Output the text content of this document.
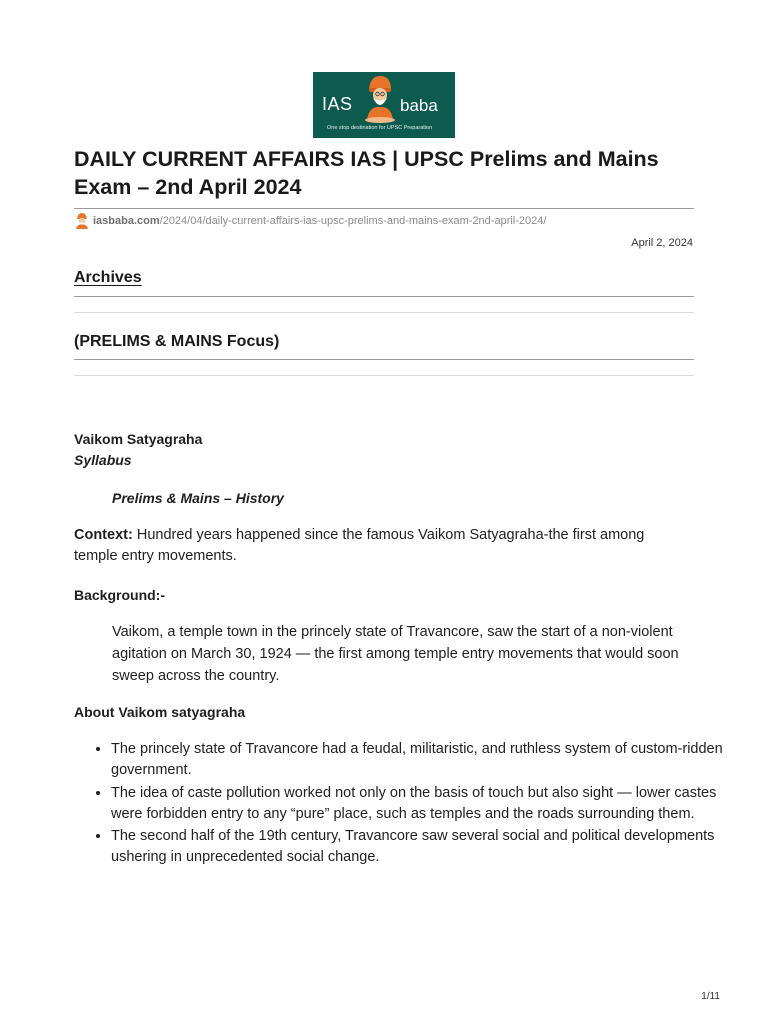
IAS	baba
One stop destination for UPSC Preparation
DAILY CURRENT AFFAIRS IAS | UPSC Prelims and Mains Exam – 2nd April 2024
iasbaba.com/2024/04/daily-current-affairs-ias-upsc-prelims-and-mains-exam-2nd-april-2024/
April 2, 2024
Archives
(PRELIMS & MAINS Focus)
Vaikom Satyagraha
Syllabus
Prelims & Mains – History
Context: Hundred years happened since the famous Vaikom Satyagraha-the first among temple entry movements.
Background:-
Vaikom, a temple town in the princely state of Travancore, saw the start of a non-violent agitation on March 30, 1924 — the first among temple entry movements that would soon sweep across the country.
About Vaikom satyagraha
• The princely state of Travancore had a feudal, militaristic, and ruthless system of custom-ridden government.
• The idea of caste pollution worked not only on the basis of touch but also sight — lower castes were forbidden entry to any “pure” place, such as temples and the roads surrounding them.
• The second half of the 19th century, Travancore saw several social and political developments ushering in unprecedented social change.
1/11
